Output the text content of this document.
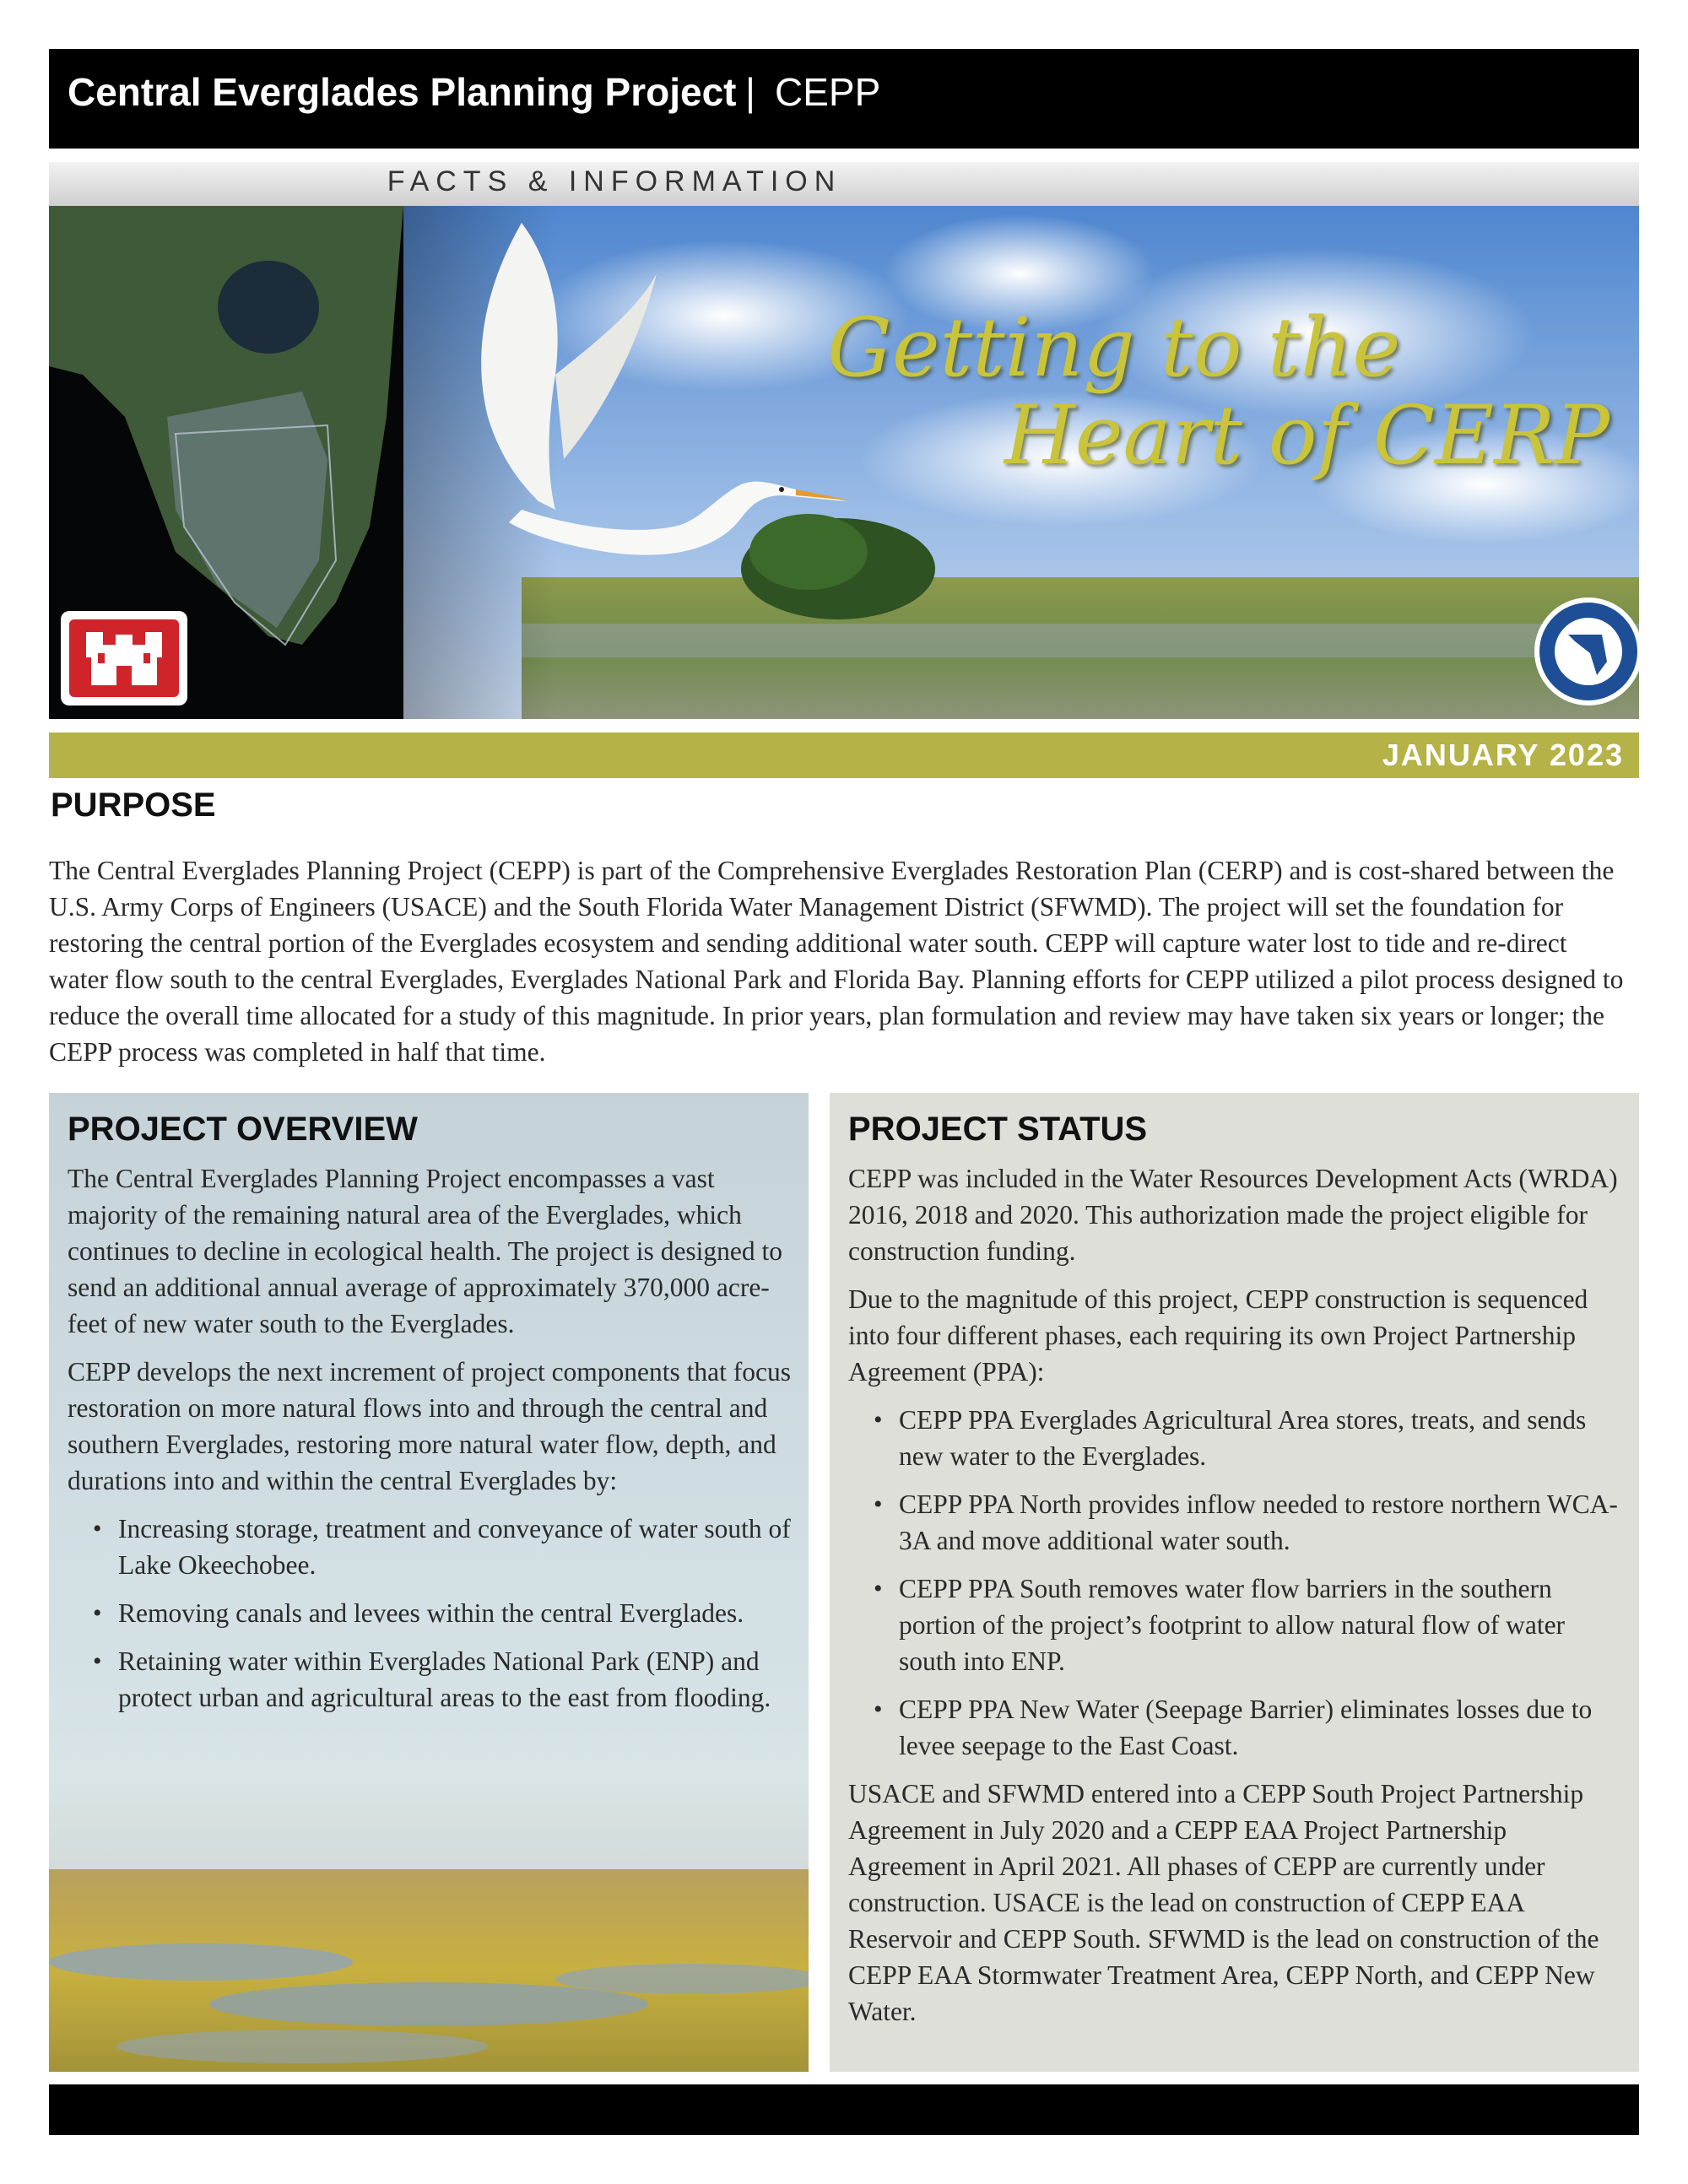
Central Everglades Planning Project | CEPP
FACTS & INFORMATION
Getting to the
Heart of CERP
JANUARY 2023
PURPOSE
The Central Everglades Planning Project (CEPP) is part of the Comprehensive Everglades Restoration Plan (CERP) and is cost-shared between the U.S. Army Corps of Engineers (USACE) and the South Florida Water Management District (SFWMD). The project will set the foundation for restoring the central portion of the Everglades ecosystem and sending additional water south. CEPP will capture water lost to tide and re-direct water flow south to the central Everglades, Everglades National Park and Florida Bay. Planning efforts for CEPP utilized a pilot process designed to reduce the overall time allocated for a study of this magnitude. In prior years, plan formulation and review may have taken six years or longer; the CEPP process was completed in half that time.
PROJECT OVERVIEW

The Central Everglades Planning Project encompasses a vast majority of the remaining natural area of the Everglades, which continues to decline in ecological health. The project is designed to send an additional annual average of approximately 370,000 acre-feet of new water south to the Everglades.

CEPP develops the next increment of project components that focus restoration on more natural flows into and through the central and southern Everglades, restoring more natural water flow, depth, and durations into and within the central Everglades by:

• Increasing storage, treatment and conveyance of water south of Lake Okeechobee.
• Removing canals and levees within the central Everglades.
• Retaining water within Everglades National Park (ENP) and protect urban and agricultural areas to the east from flooding.
PROJECT STATUS

CEPP was included in the Water Resources Development Acts (WRDA) 2016, 2018 and 2020. This authorization made the project eligible for construction funding.

Due to the magnitude of this project, CEPP construction is sequenced into four different phases, each requiring its own Project Partnership Agreement (PPA):

• CEPP PPA Everglades Agricultural Area stores, treats, and sends new water to the Everglades.
• CEPP PPA North provides inflow needed to restore northern WCA-3A and move additional water south.
• CEPP PPA South removes water flow barriers in the southern portion of the project’s footprint to allow natural flow of water south into ENP.
• CEPP PPA New Water (Seepage Barrier) eliminates losses due to levee seepage to the East Coast.

USACE and SFWMD entered into a CEPP South Project Partnership Agreement in July 2020 and a CEPP EAA Project Partnership Agreement in April 2021. All phases of CEPP are currently under construction. USACE is the lead on construction of CEPP EAA Reservoir and CEPP South. SFWMD is the lead on construction of the CEPP EAA Stormwater Treatment Area, CEPP North, and CEPP New Water.
